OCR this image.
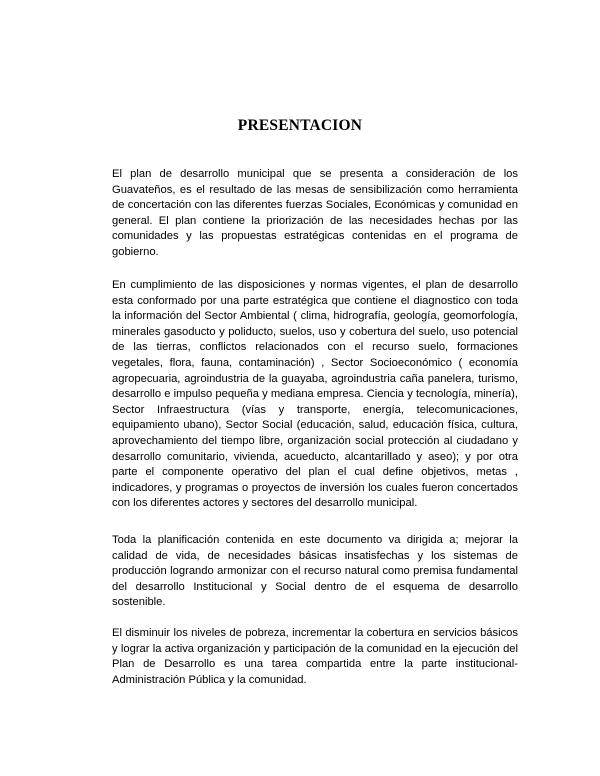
PRESENTACION

El plan de desarrollo municipal que se presenta a consideración de los Guavateños, es el resultado de las mesas de sensibilización como herramienta de concertación con las diferentes fuerzas Sociales, Económicas y comunidad en general. El plan contiene la priorización de las necesidades hechas por las comunidades y las propuestas estratégicas contenidas en el programa de gobierno.

En cumplimiento de las disposiciones y normas vigentes, el plan de desarrollo esta conformado por una parte estratégica que contiene el diagnostico con toda la información del Sector Ambiental ( clima, hidrografía, geología, geomorfología, minerales gasoducto y poliducto, suelos, uso y cobertura del suelo, uso potencial de las tierras, conflictos relacionados con el recurso suelo, formaciones vegetales, flora, fauna, contaminación) , Sector Socioeconómico ( economía agropecuaria, agroindustria de la guayaba, agroindustria caña panelera, turismo, desarrollo e impulso pequeña y mediana empresa. Ciencia y tecnología, minería), Sector Infraestructura (vías y transporte, energía, telecomunicaciones, equipamiento ubano), Sector Social (educación, salud, educación física, cultura, aprovechamiento del tiempo libre, organización social protección al ciudadano y desarrollo comunitario, vivienda, acueducto, alcantarillado y aseo); y por otra parte el componente operativo del plan el cual define objetivos, metas , indicadores, y programas o proyectos de inversión los cuales fueron concertados con los diferentes actores y sectores del desarrollo municipal.

Toda la planificación contenida en este documento va dirigida a; mejorar la calidad de vida, de necesidades básicas insatisfechas y los sistemas de producción logrando armonizar con el recurso natural como premisa fundamental del desarrollo Institucional y Social dentro de el esquema de desarrollo sostenible.

El disminuir los niveles de pobreza, incrementar la cobertura en servicios básicos y lograr la activa organización y participación de la comunidad en la ejecución del Plan de Desarrollo es una tarea compartida entre la parte institucional-Administración Pública y la comunidad.
